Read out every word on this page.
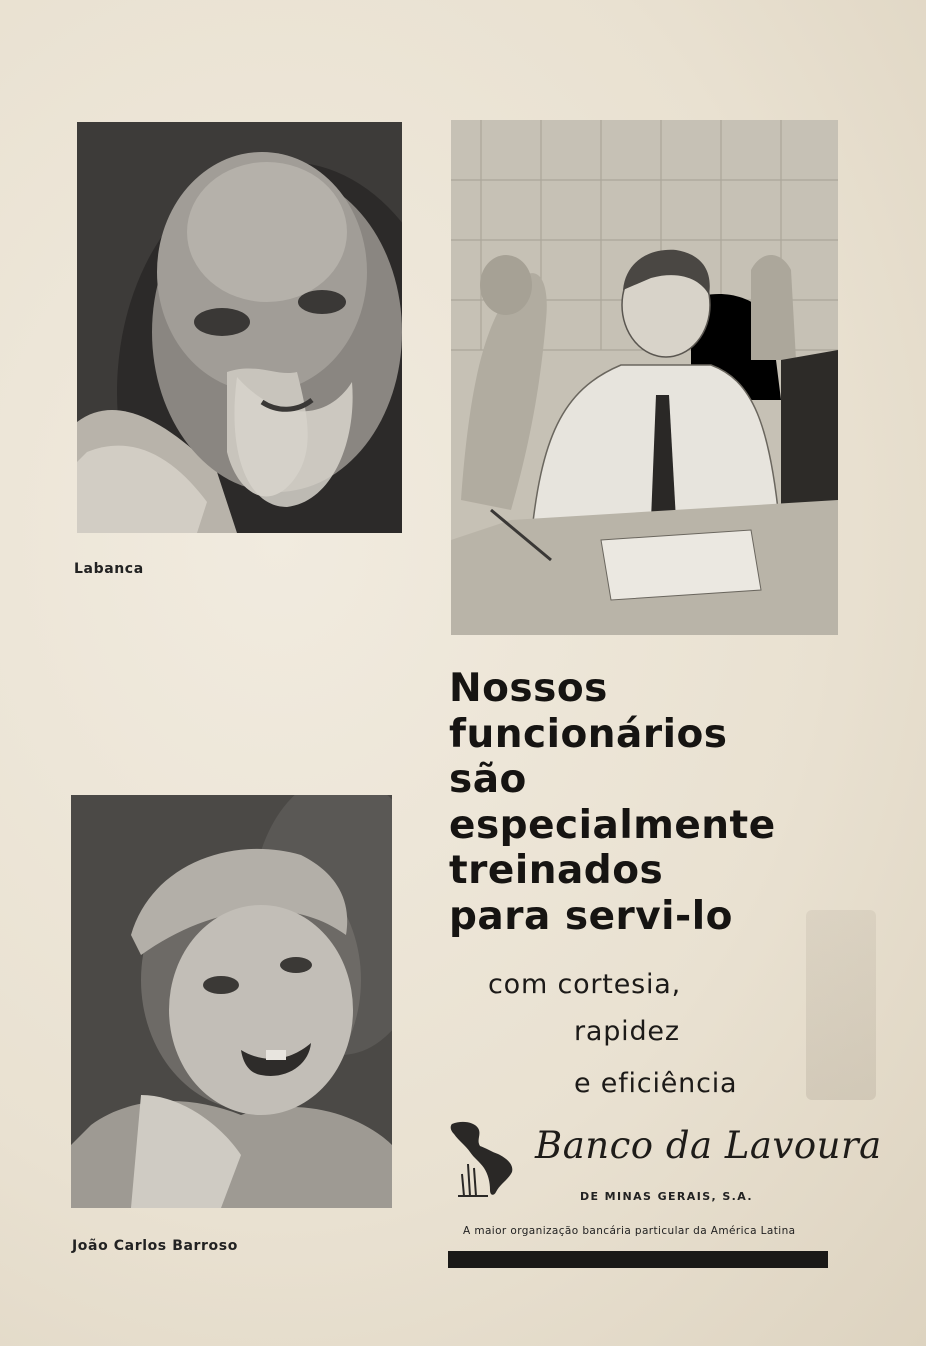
Labanca
João Carlos Barroso
Nossos
funcionários
são
especialmente
treinados
para servi-lo
com cortesia,
rapidez
e eficiência
Banco da Lavoura
DE MINAS GERAIS, S.A.
A maior organização bancária particular da América Latina
